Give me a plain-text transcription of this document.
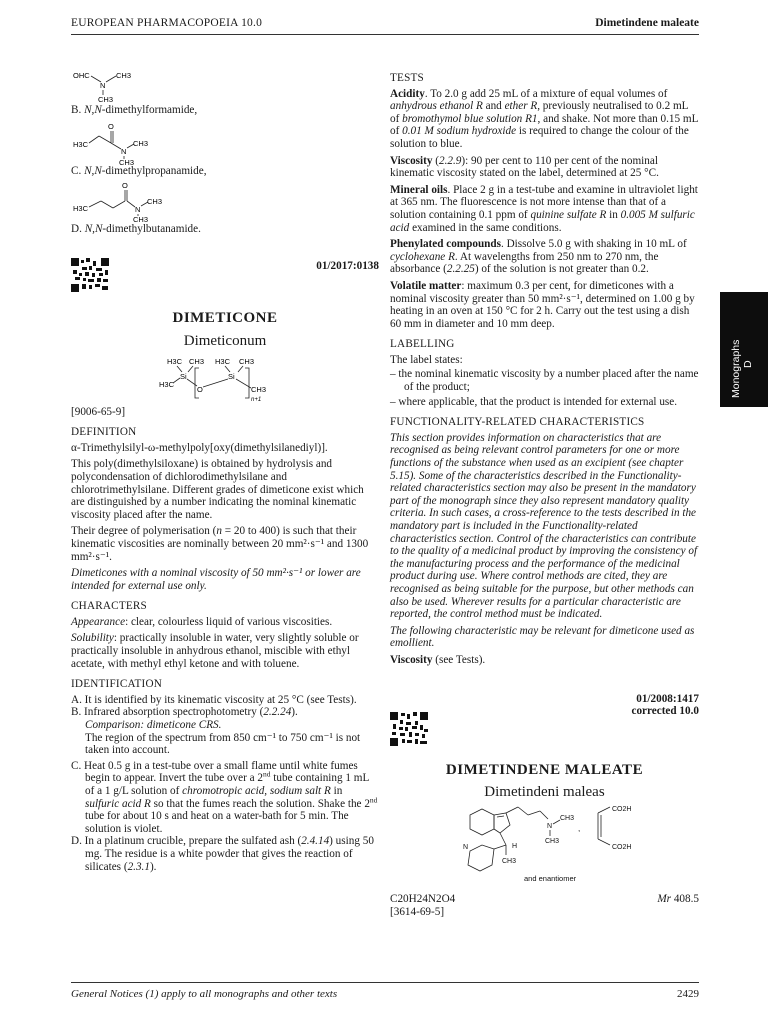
EUROPEAN PHARMACOPOEIA 10.0	Dimetindene maleate
Monographs
D
OHC
N
CH3
CH3

B. N,N-dimethylformamide,

H3C
O
N
CH3
CH3

C. N,N-dimethylpropanamide,

H3C
O
N
CH3
CH3

D. N,N-dimethylbutanamide.

01/2017:0138

DIMETICONE
Dimeticonum
H3C CH3 H3C CH3
Si	Si
H3C
O	CH3
n+1

[9006-65-9]

DEFINITION

α-Trimethylsilyl-ω-methylpoly[oxy(dimethylsilanediyl)].

This poly(dimethylsiloxane) is obtained by hydrolysis and polycondensation of dichlorodimethylsilane and chlorotrimethylsilane. Different grades of dimeticone exist which are distinguished by a number indicating the nominal kinematic viscosity placed after the name.

Their degree of polymerisation (n = 20 to 400) is such that their kinematic viscosities are nominally between 20 mm²·s⁻¹ and 1300 mm²·s⁻¹.

Dimeticones with a nominal viscosity of 50 mm²·s⁻¹ or lower are intended for external use only.

CHARACTERS

Appearance: clear, colourless liquid of various viscosities.

Solubility: practically insoluble in water, very slightly soluble or practically insoluble in anhydrous ethanol, miscible with ethyl acetate, with methyl ethyl ketone and with toluene.

IDENTIFICATION

A. It is identified by its kinematic viscosity at 25 °C (see Tests).

B. Infrared absorption spectrophotometry (2.2.24).

Comparison: dimeticone CRS.

The region of the spectrum from 850 cm⁻¹ to 750 cm⁻¹ is not taken into account.

C. Heat 0.5 g in a test-tube over a small flame until white fumes begin to appear. Invert the tube over a 2nd tube containing 1 mL of a 1 g/L solution of chromotropic acid, sodium salt R in sulfuric acid R so that the fumes reach the solution. Shake the 2nd tube for about 10 s and heat on a water-bath for 5 min. The solution is violet.

D. In a platinum crucible, prepare the sulfated ash (2.4.14) using 50 mg. The residue is a white powder that gives the reaction of silicates (2.3.1).

TESTS

Acidity. To 2.0 g add 25 mL of a mixture of equal volumes of anhydrous ethanol R and ether R, previously neutralised to 0.2 mL of bromothymol blue solution R1, and shake. Not more than 0.15 mL of 0.01 M sodium hydroxide is required to change the colour of the solution to blue.

Viscosity (2.2.9): 90 per cent to 110 per cent of the nominal kinematic viscosity stated on the label, determined at 25 °C.

Mineral oils. Place 2 g in a test-tube and examine in ultraviolet light at 365 nm. The fluorescence is not more intense than that of a solution containing 0.1 ppm of quinine sulfate R in 0.005 M sulfuric acid examined in the same conditions.

Phenylated compounds. Dissolve 5.0 g with shaking in 10 mL of cyclohexane R. At wavelengths from 250 nm to 270 nm, the absorbance (2.2.25) of the solution is not greater than 0.2.

Volatile matter: maximum 0.3 per cent, for dimeticones with a nominal viscosity greater than 50 mm²·s⁻¹, determined on 1.00 g by heating in an oven at 150 °C for 2 h. Carry out the test using a dish 60 mm in diameter and 10 mm deep.

LABELLING

The label states:

– the nominal kinematic viscosity by a number placed after the name of the product;

– where applicable, that the product is intended for external use.

FUNCTIONALITY-RELATED CHARACTERISTICS

This section provides information on characteristics that are recognised as being relevant control parameters for one or more functions of the substance when used as an excipient (see chapter 5.15). Some of the characteristics described in the Functionality-related characteristics section may also be present in the mandatory part of the monograph since they also represent mandatory quality criteria. In such cases, a cross-reference to the tests described in the mandatory part is included in the Functionality-related characteristics section. Control of the characteristics can contribute to the quality of a medicinal product by improving the consistency of the manufacturing process and the performance of the medicinal product during use. Where control methods are cited, they are recognised as being suitable for the purpose, but other methods can also be used. Wherever results for a particular characteristic are reported, the control method must be indicated.

The following characteristic may be relevant for dimeticone used as emollient.

Viscosity (see Tests).

01/2008:1417
corrected 10.0

DIMETINDENE MALEATE
Dimetindeni maleas
N
CH3
CH3
H
CH3
N
and enantiomer
,
CO2H
CO2H
C20H24N2O4	Mr 408.5

[3614-69-5]

General Notices (1) apply to all monographs and other texts	2429
